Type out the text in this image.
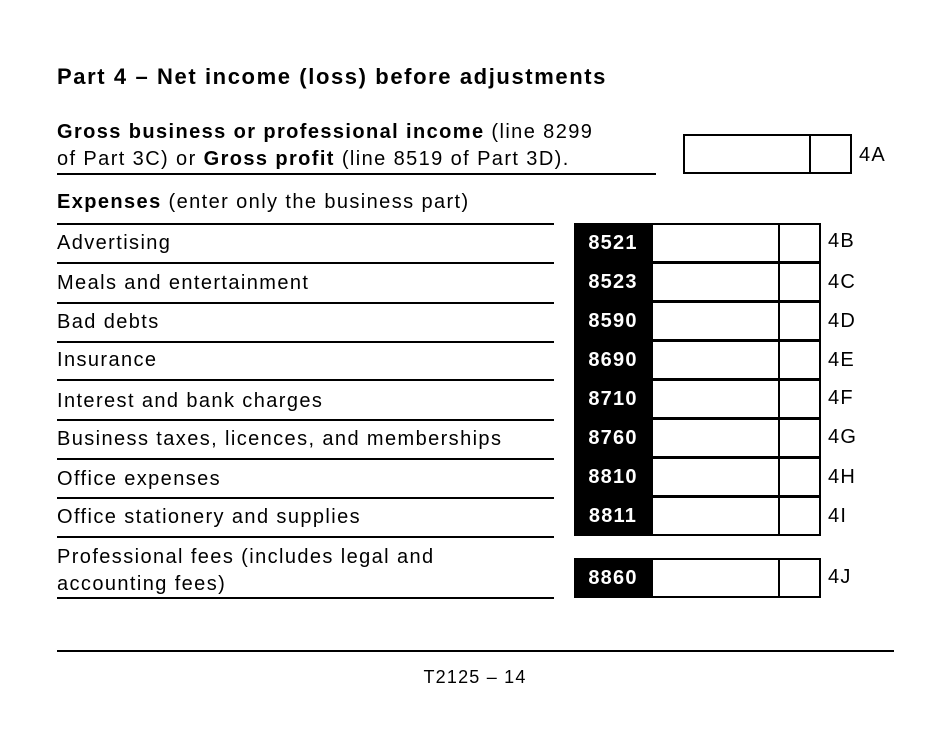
Part 4 – Net income (loss) before adjustments
Gross business or professional income (line 8299
of Part 3C) or Gross profit (line 8519 of Part 3D).	4A
Expenses (enter only the business part)
Advertising	8521	4B
Meals and entertainment	8523	4C
Bad debts	8590	4D
Insurance	8690	4E
Interest and bank charges	8710	4F
Business taxes, licences, and memberships	8760	4G
Office expenses	8810	4H
Office stationery and supplies	8811	4I
Professional fees (includes legal and
accounting fees)	8860	4J
T2125 – 14
